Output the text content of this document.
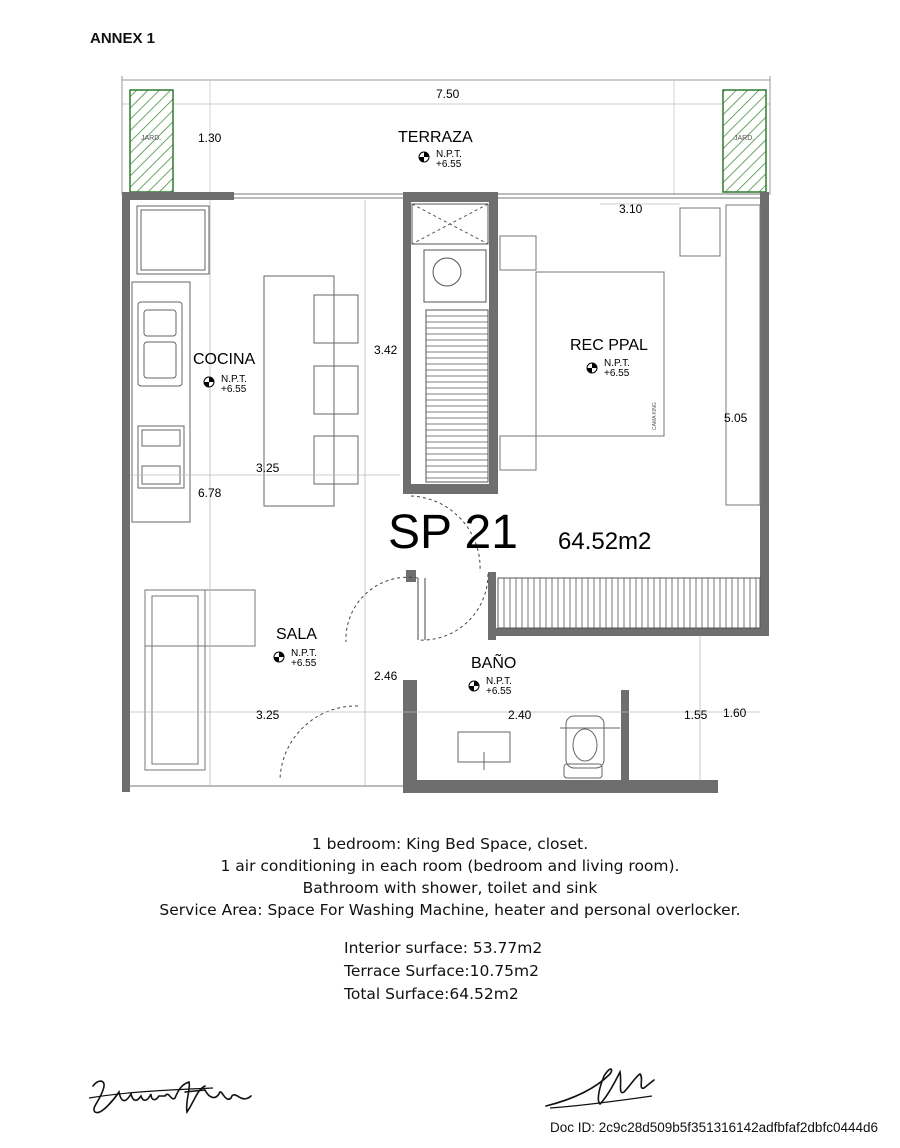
ANNEX 1
TERRAZA
COCINA
REC PPAL
SALA
BAÑO
N.P.T.
+6.55
N.P.T.
+6.55
N.P.T.
+6.55
N.P.T.
+6.55
N.P.T.
+6.55
JARD.	JARD.
CAMA KING
7.50
1.30
3.10
3.42
5.05
3.25
6.78
2.46
3.25	2.40	1.55 1.60
SP 21 64.52m2
1 bedroom: King Bed Space, closet.
1 air conditioning in each room (bedroom and living room).
Bathroom with shower, toilet and sink
Service Area: Space For Washing Machine, heater and personal overlocker.
Interior surface: 53.77m2
Terrace Surface:10.75m2
Total Surface:64.52m2
Doc ID: 2c9c28d509b5f351316142adfbfaf2dbfc0444d6
